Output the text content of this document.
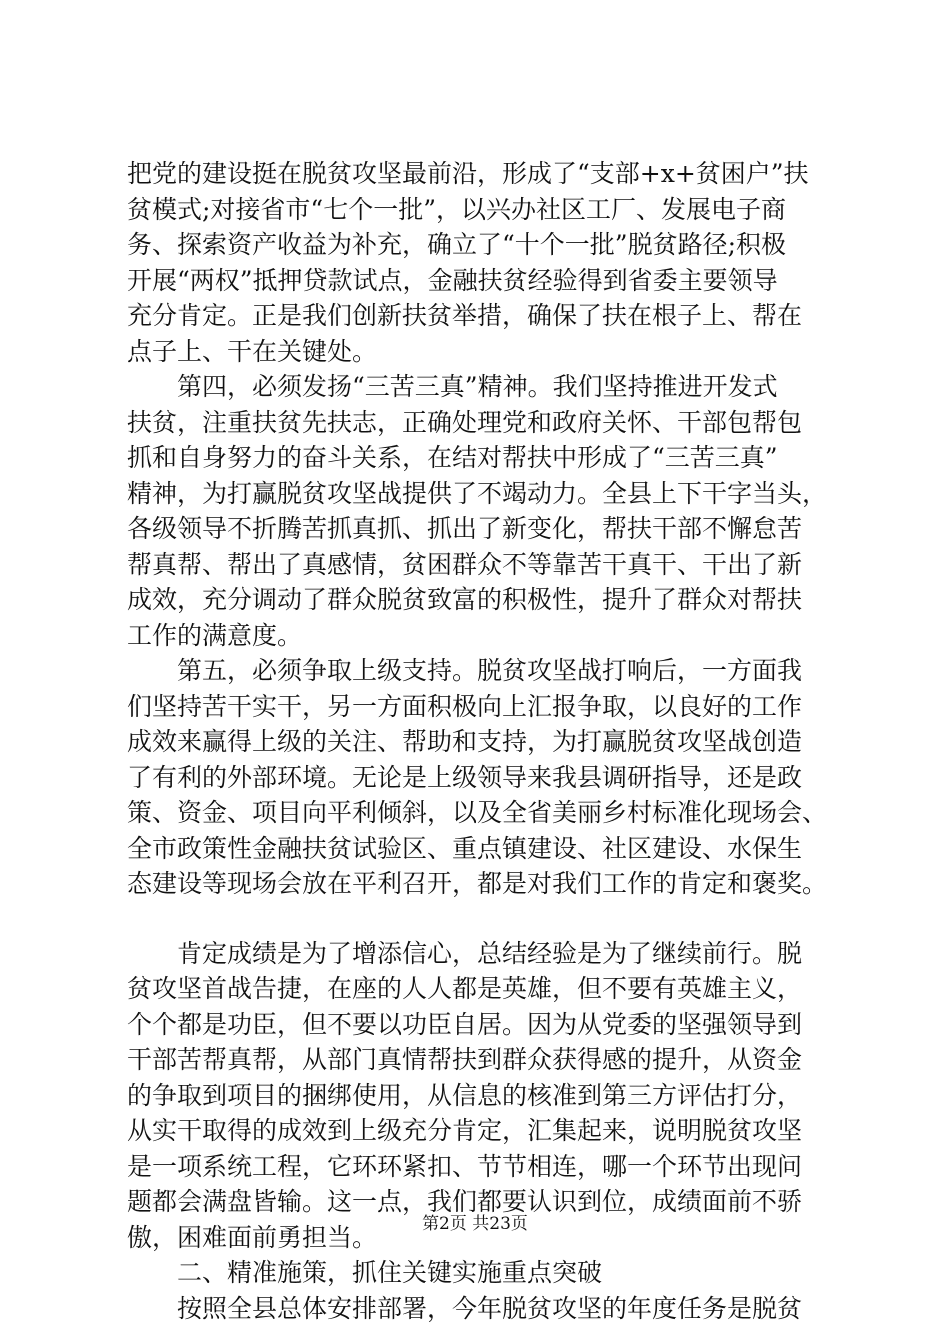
把党的建设挺在脱贫攻坚最前沿，形成了“支部+x+贫困户”扶
贫模式;对接省市“七个一批”，以兴办社区工厂、发展电子商
务、探索资产收益为补充，确立了“十个一批”脱贫路径;积极
开展“两权”抵押贷款试点，金融扶贫经验得到省委主要领导
充分肯定。正是我们创新扶贫举措，确保了扶在根子上、帮在
点子上、干在关键处。
　　第四，必须发扬“三苦三真”精神。我们坚持推进开发式
扶贫，注重扶贫先扶志，正确处理党和政府关怀、干部包帮包
抓和自身努力的奋斗关系，在结对帮扶中形成了“三苦三真”
精神，为打赢脱贫攻坚战提供了不竭动力。全县上下干字当头，
各级领导不折腾苦抓真抓、抓出了新变化，帮扶干部不懈怠苦
帮真帮、帮出了真感情，贫困群众不等靠苦干真干、干出了新
成效，充分调动了群众脱贫致富的积极性，提升了群众对帮扶
工作的满意度。
　　第五，必须争取上级支持。脱贫攻坚战打响后，一方面我
们坚持苦干实干，另一方面积极向上汇报争取，以良好的工作
成效来赢得上级的关注、帮助和支持，为打赢脱贫攻坚战创造
了有利的外部环境。无论是上级领导来我县调研指导，还是政
策、资金、项目向平利倾斜，以及全省美丽乡村标准化现场会、
全市政策性金融扶贫试验区、重点镇建设、社区建设、水保生
态建设等现场会放在平利召开，都是对我们工作的肯定和褒奖。
　　肯定成绩是为了增添信心，总结经验是为了继续前行。脱
贫攻坚首战告捷，在座的人人都是英雄，但不要有英雄主义，
个个都是功臣，但不要以功臣自居。因为从党委的坚强领导到
干部苦帮真帮，从部门真情帮扶到群众获得感的提升，从资金
的争取到项目的捆绑使用，从信息的核准到第三方评估打分，
从实干取得的成效到上级充分肯定，汇集起来，说明脱贫攻坚
是一项系统工程，它环环紧扣、节节相连，哪一个环节出现问
题都会满盘皆输。这一点，我们都要认识到位，成绩面前不骄
傲，困难面前勇担当。
　　二、精准施策，抓住关键实施重点突破
　　按照全县总体安排部署，今年脱贫攻坚的年度任务是脱贫
第2页 共23页
